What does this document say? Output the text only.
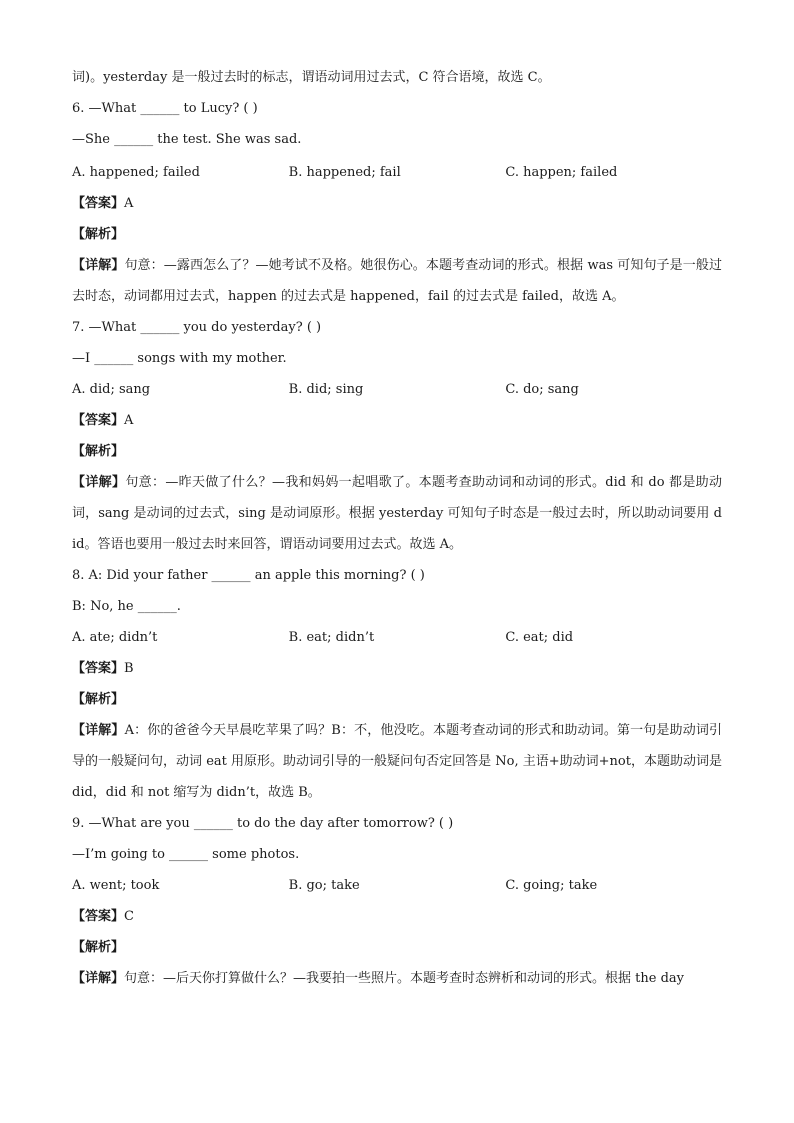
词)。yesterday 是一般过去时的标志，谓语动词用过去式，C 符合语境，故选 C。
6. —What ______ to Lucy? ( )
—She ______ the test. She was sad.
A. happened; failed	B. happened; fail	C. happen; failed
【答案】A
【解析】
【详解】句意：—露西怎么了？—她考试不及格。她很伤心。本题考查动词的形式。根据 was 可知句子是一般过去时态，动词都用过去式，happen 的过去式是 happened，fail 的过去式是 failed，故选 A。
7. —What ______ you do yesterday? ( )
—I ______ songs with my mother.
A. did; sang	B. did; sing	C. do; sang
【答案】A
【解析】
【详解】句意：—昨天做了什么？—我和妈妈一起唱歌了。本题考查助动词和动词的形式。did 和 do 都是助动词，sang 是动词的过去式，sing 是动词原形。根据 yesterday 可知句子时态是一般过去时，所以助动词要用 did。答语也要用一般过去时来回答，谓语动词要用过去式。故选 A。
8. A: Did your father ______ an apple this morning? ( )
B: No, he ______.
A. ate; didn’t	B. eat; didn’t	C. eat; did
【答案】B
【解析】
【详解】A：你的爸爸今天早晨吃苹果了吗？B：不，他没吃。本题考查动词的形式和助动词。第一句是助动词引导的一般疑问句，动词 eat 用原形。助动词引导的一般疑问句否定回答是 No, 主语+助动词+not，本题助动词是 did，did 和 not 缩写为 didn’t，故选 B。
9. —What are you ______ to do the day after tomorrow? ( )
—I’m going to ______ some photos.
A. went; took	B. go; take	C. going; take
【答案】C
【解析】
【详解】句意：—后天你打算做什么？—我要拍一些照片。本题考查时态辨析和动词的形式。根据 the day
